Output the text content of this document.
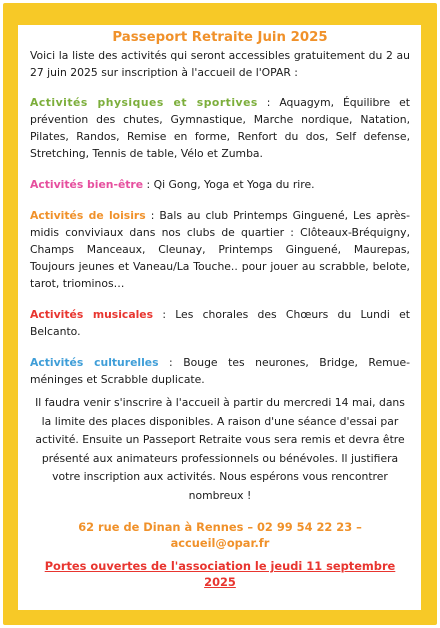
Passeport Retraite Juin 2025

Voici la liste des activités qui seront accessibles gratuitement du 2 au 27 juin 2025 sur inscription à l'accueil de l'OPAR :

Activités physiques et sportives : Aquagym, Équilibre et prévention des chutes, Gymnastique, Marche nordique, Natation, Pilates, Randos, Remise en forme, Renfort du dos, Self defense, Stretching, Tennis de table, Vélo et Zumba.

Activités bien-être : Qi Gong, Yoga et Yoga du rire.

Activités de loisirs : Bals au club Printemps Ginguené, Les après-midis conviviaux dans nos clubs de quartier : Clôteaux-Bréquigny, Champs Manceaux, Cleunay, Printemps Ginguené, Maurepas, Toujours jeunes et Vaneau/La Touche.. pour jouer au scrabble, belote, tarot, triominos…

Activités musicales : Les chorales des Chœurs du Lundi et Belcanto.

Activités culturelles : Bouge tes neurones, Bridge, Remue-méninges et Scrabble duplicate.

Il faudra venir s'inscrire à l'accueil à partir du mercredi 14 mai, dans la limite des places disponibles. A raison d'une séance d'essai par activité. Ensuite un Passeport Retraite vous sera remis et devra être présenté aux animateurs professionnels ou bénévoles. Il justifiera votre inscription aux activités. Nous espérons vous rencontrer nombreux !

62 rue de Dinan à Rennes – 02 99 54 22 23 – accueil@opar.fr

Portes ouvertes de l'association le jeudi 11 septembre 2025
